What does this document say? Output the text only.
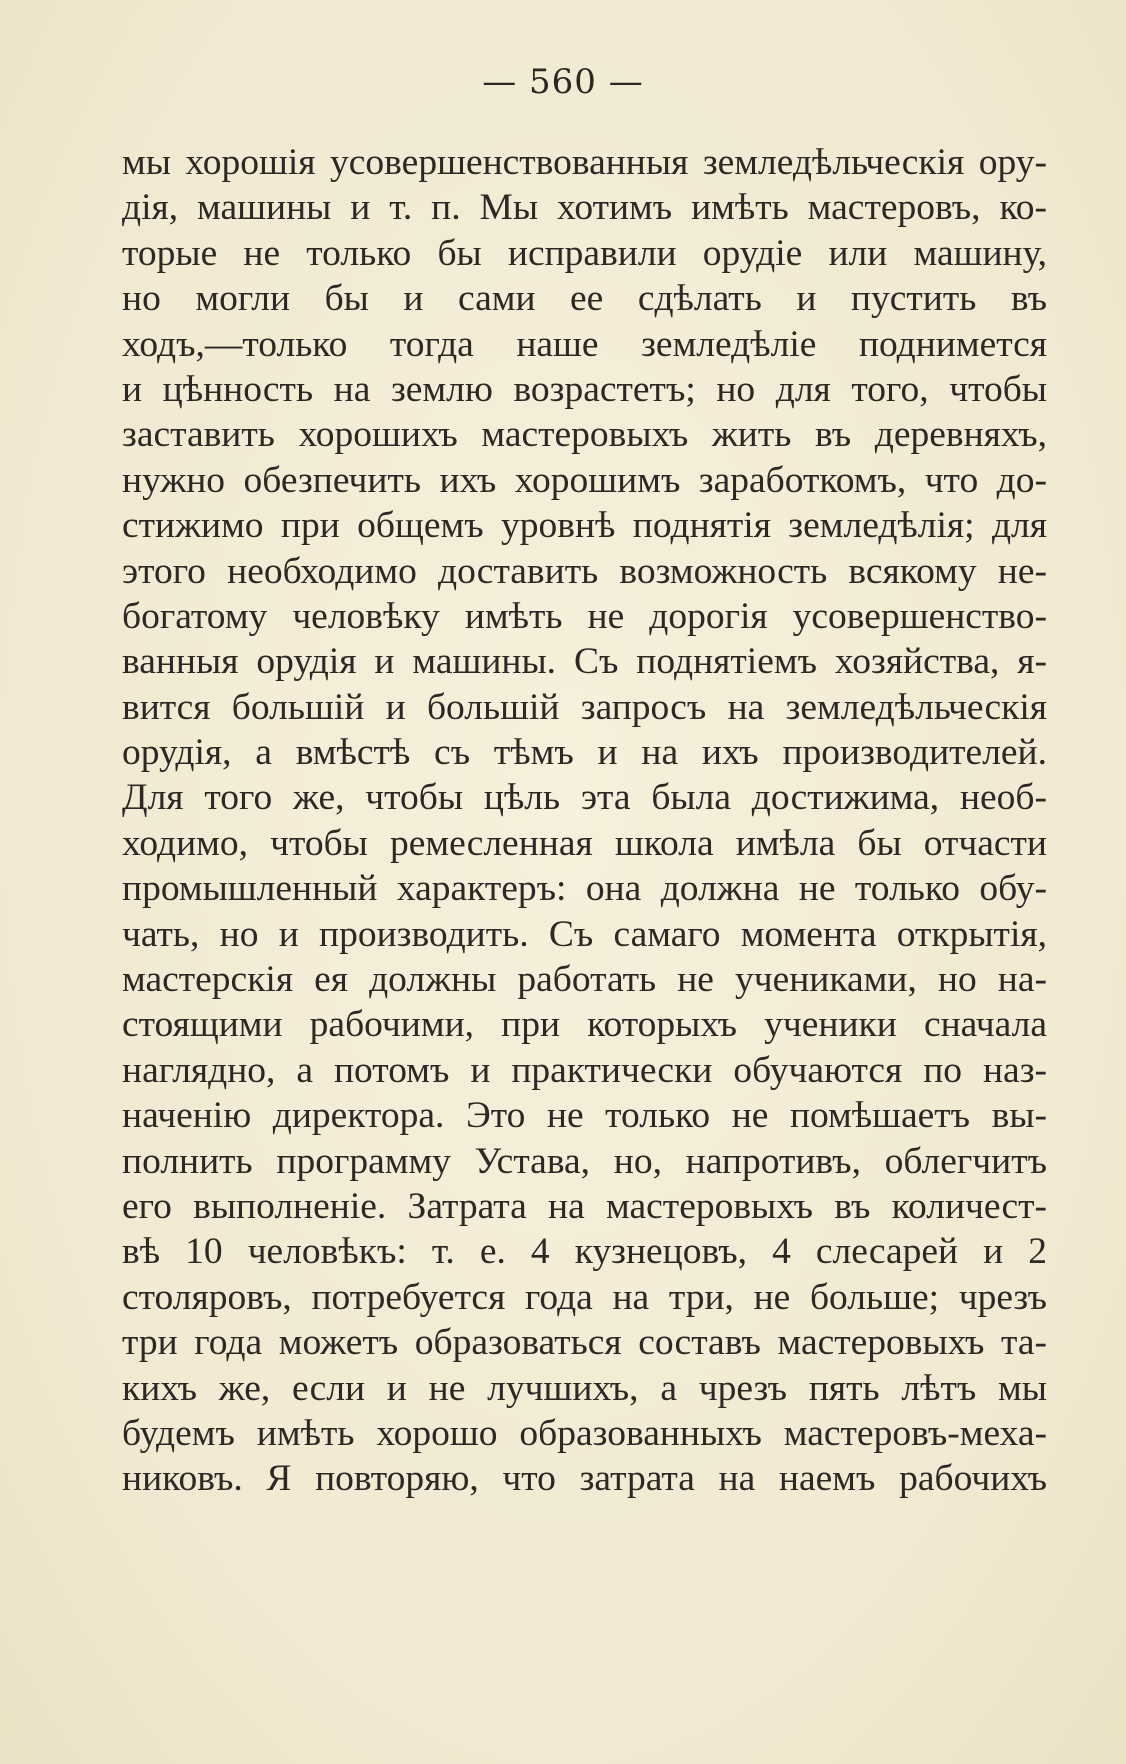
— 560 —
мы хорошія усовершенствованныя земледѣльческія ору-
дія, машины и т. п. Мы хотимъ имѣть мастеровъ, ко-
торые не только бы исправили орудіе или машину,
но могли бы и сами ее сдѣлать и пустить въ
ходъ,—только тогда наше земледѣліе поднимется
и цѣнность на землю возрастетъ; но для того, чтобы
заставить хорошихъ мастеровыхъ жить въ деревняхъ,
нужно обезпечить ихъ хорошимъ заработкомъ, что до-
стижимо при общемъ уровнѣ поднятія земледѣлія; для
этого необходимо доставить возможность всякому не-
богатому человѣку имѣть не дорогія усовершенство-
ванныя орудія и машины. Съ поднятіемъ хозяйства, я-
вится большій и большій запросъ на земледѣльческія
орудія, а вмѣстѣ съ тѣмъ и на ихъ производителей.
Для того же, чтобы цѣль эта была достижима, необ-
ходимо, чтобы ремесленная школа имѣла бы отчасти
промышленный характеръ: она должна не только обу-
чать, но и производить. Съ самаго момента открытія,
мастерскія ея должны работать не учениками, но на-
стоящими рабочими, при которыхъ ученики сначала
наглядно, а потомъ и практически обучаются по наз-
наченію директора. Это не только не помѣшаетъ вы-
полнить программу Устава, но, напротивъ, облегчитъ
его выполненіе. Затрата на мастеровыхъ въ количест-
вѣ 10 человѣкъ: т. е. 4 кузнецовъ, 4 слесарей и 2
столяровъ, потребуется года на три, не больше; чрезъ
три года можетъ образоваться составъ мастеровыхъ та-
кихъ же, если и не лучшихъ, а чрезъ пять лѣтъ мы
будемъ имѣть хорошо образованныхъ мастеровъ-меха-
никовъ. Я повторяю, что затрата на наемъ рабочихъ
